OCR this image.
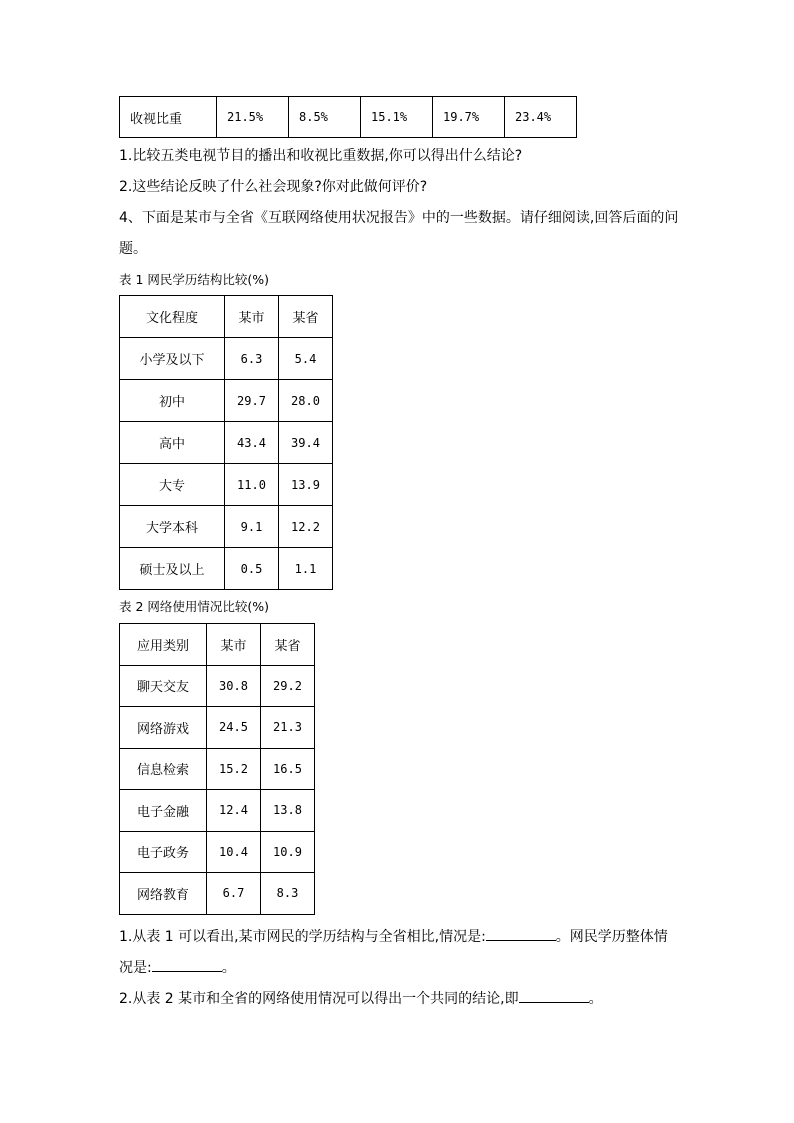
收视比重	21.5%	8.5%	15.1%	19.7%	23.4%
1.比较五类电视节目的播出和收视比重数据,你可以得出什么结论?
2.这些结论反映了什么社会现象?你对此做何评价?
4、下面是某市与全省《互联网络使用状况报告》中的一些数据。请仔细阅读,回答后面的问
题。
表 1 网民学历结构比较(%)
文化程度	某市	某省
小学及以下	6.3	5.4
初中	29.7	28.0
高中	43.4	39.4
大专	11.0	13.9
大学本科	9.1	12.2
硕士及以上	0.5	1.1
表 2 网络使用情况比较(%)
应用类别	某市	某省
聊天交友	30.8	29.2
网络游戏	24.5	21.3
信息检索	15.2	16.5
电子金融	12.4	13.8
电子政务	10.4	10.9
网络教育	6.7	8.3
1.从表 1 可以看出,某市网民的学历结构与全省相比,情况是:	。网民学历整体情
况是:	。
2.从表 2 某市和全省的网络使用情况可以得出一个共同的结论,即	。
